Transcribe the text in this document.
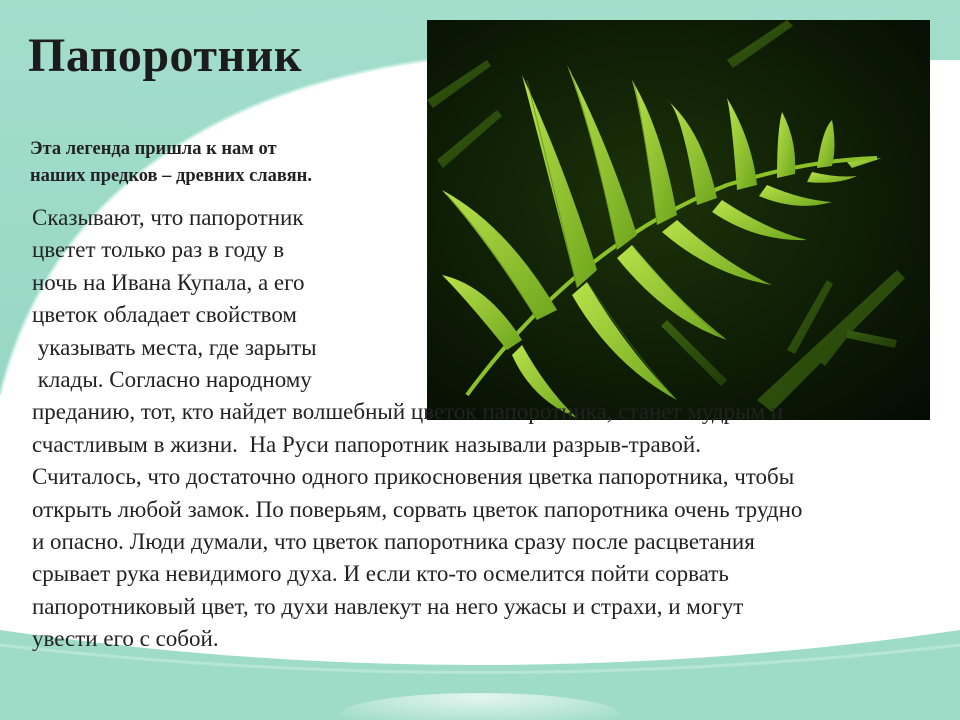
Папоротник

Эта легенда пришла к нам от
наших предков – древних славян.

Сказывают, что папоротник
цветет только раз в году в
ночь на Ивана Купала, а его
цветок обладает свойством
указывать места, где зарыты
клады. Согласно народному
преданию, тот, кто найдет волшебный цветок папоротника, станет мудрым и
счастливым в жизни.  На Руси папоротник называли разрыв-травой.
Считалось, что достаточно одного прикосновения цветка папоротника, чтобы
открыть любой замок. По поверьям, сорвать цветок папоротника очень трудно
и опасно. Люди думали, что цветок папоротника сразу после расцветания
срывает рука невидимого духа. И если кто-то осмелится пойти сорвать
папоротниковый цвет, то духи навлекут на него ужасы и страхи, и могут
увести его с собой.
